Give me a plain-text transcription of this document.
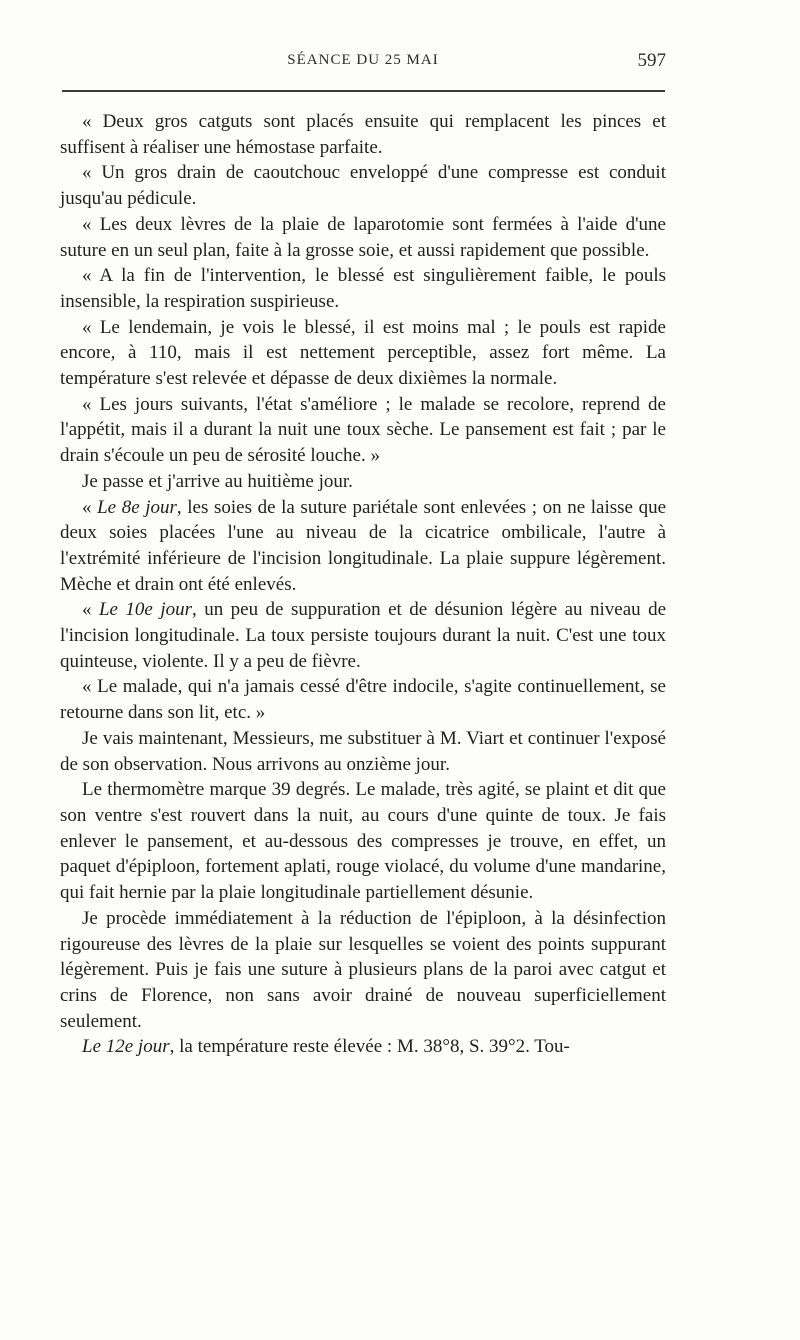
SÉANCE DU 25 MAI	597

« Deux gros catguts sont placés ensuite qui remplacent les pinces et suffisent à réaliser une hémostase parfaite.

« Un gros drain de caoutchouc enveloppé d'une compresse est conduit jusqu'au pédicule.

« Les deux lèvres de la plaie de laparotomie sont fermées à l'aide d'une suture en un seul plan, faite à la grosse soie, et aussi rapidement que possible.

« A la fin de l'intervention, le blessé est singulièrement faible, le pouls insensible, la respiration suspirieuse.

« Le lendemain, je vois le blessé, il est moins mal ; le pouls est rapide encore, à 110, mais il est nettement perceptible, assez fort même. La température s'est relevée et dépasse de deux dixièmes la normale.

« Les jours suivants, l'état s'améliore ; le malade se recolore, reprend de l'appétit, mais il a durant la nuit une toux sèche. Le pansement est fait ; par le drain s'écoule un peu de sérosité louche. »

Je passe et j'arrive au huitième jour.

« Le 8e jour, les soies de la suture pariétale sont enlevées ; on ne laisse que deux soies placées l'une au niveau de la cicatrice ombilicale, l'autre à l'extrémité inférieure de l'incision longitudinale. La plaie suppure légèrement. Mèche et drain ont été enlevés.

« Le 10e jour, un peu de suppuration et de désunion légère au niveau de l'incision longitudinale. La toux persiste toujours durant la nuit. C'est une toux quinteuse, violente. Il y a peu de fièvre.

« Le malade, qui n'a jamais cessé d'être indocile, s'agite continuellement, se retourne dans son lit, etc. »

Je vais maintenant, Messieurs, me substituer à M. Viart et continuer l'exposé de son observation. Nous arrivons au onzième jour.

Le thermomètre marque 39 degrés. Le malade, très agité, se plaint et dit que son ventre s'est rouvert dans la nuit, au cours d'une quinte de toux. Je fais enlever le pansement, et au-dessous des compresses je trouve, en effet, un paquet d'épiploon, fortement aplati, rouge violacé, du volume d'une mandarine, qui fait hernie par la plaie longitudinale partiellement désunie.

Je procède immédiatement à la réduction de l'épiploon, à la désinfection rigoureuse des lèvres de la plaie sur lesquelles se voient des points suppurant légèrement. Puis je fais une suture à plusieurs plans de la paroi avec catgut et crins de Florence, non sans avoir drainé de nouveau superficiellement seulement.

Le 12e jour, la température reste élevée : M. 38°8, S. 39°2. Tou-
